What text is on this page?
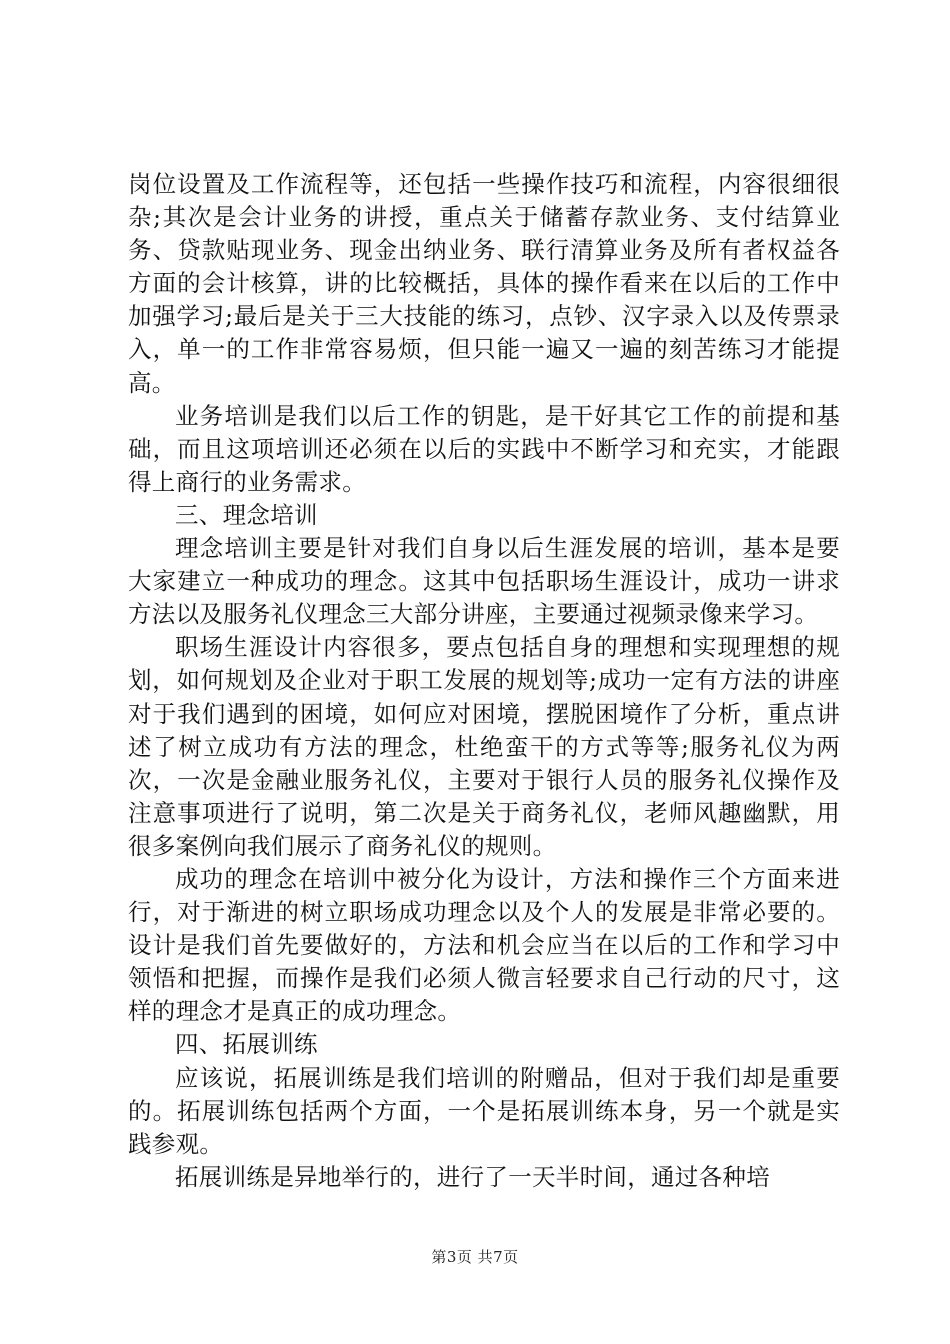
岗位设置及工作流程等，还包括一些操作技巧和流程，内容很细很杂;其次是会计业务的讲授，重点关于储蓄存款业务、支付结算业务、贷款贴现业务、现金出纳业务、联行清算业务及所有者权益各方面的会计核算，讲的比较概括，具体的操作看来在以后的工作中加强学习;最后是关于三大技能的练习，点钞、汉字录入以及传票录入，单一的工作非常容易烦，但只能一遍又一遍的刻苦练习才能提高。

业务培训是我们以后工作的钥匙，是干好其它工作的前提和基础，而且这项培训还必须在以后的实践中不断学习和充实，才能跟得上商行的业务需求。

三、理念培训

理念培训主要是针对我们自身以后生涯发展的培训，基本是要大家建立一种成功的理念。这其中包括职场生涯设计，成功一讲求方法以及服务礼仪理念三大部分讲座，主要通过视频录像来学习。

职场生涯设计内容很多，要点包括自身的理想和实现理想的规划，如何规划及企业对于职工发展的规划等;成功一定有方法的讲座对于我们遇到的困境，如何应对困境，摆脱困境作了分析，重点讲述了树立成功有方法的理念，杜绝蛮干的方式等等;服务礼仪为两次，一次是金融业服务礼仪，主要对于银行人员的服务礼仪操作及注意事项进行了说明，第二次是关于商务礼仪，老师风趣幽默，用很多案例向我们展示了商务礼仪的规则。

成功的理念在培训中被分化为设计，方法和操作三个方面来进行，对于渐进的树立职场成功理念以及个人的发展是非常必要的。设计是我们首先要做好的，方法和机会应当在以后的工作和学习中领悟和把握，而操作是我们必须人微言轻要求自己行动的尺寸，这样的理念才是真正的成功理念。

四、拓展训练

应该说，拓展训练是我们培训的附赠品，但对于我们却是重要的。拓展训练包括两个方面，一个是拓展训练本身，另一个就是实践参观。

拓展训练是异地举行的，进行了一天半时间，通过各种培

第3页 共7页
